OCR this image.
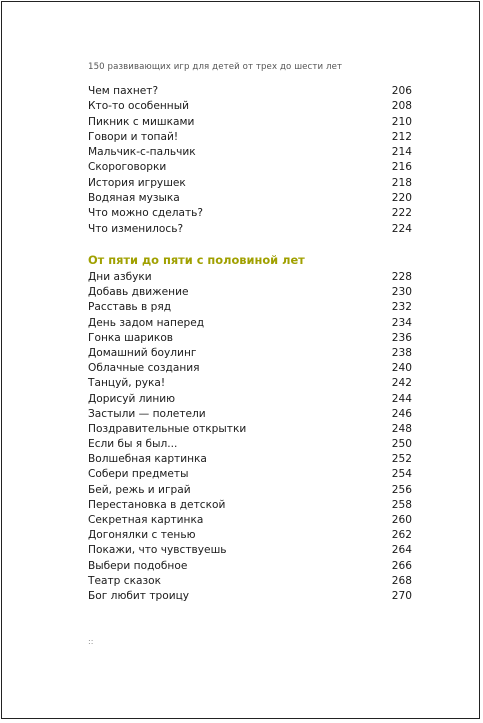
150 развивающих игр для детей от трех до шести лет
Чем пахнет?	206
Кто-то особенный	208
Пикник с мишками	210
Говори и топай!	212
Мальчик-с-пальчик	214
Скороговорки	216
История игрушек	218
Водяная музыка	220
Что можно сделать?	222
Что изменилось?	224
От пяти до пяти с половиной лет
Дни азбуки	228
Добавь движение	230
Расставь в ряд	232
День задом наперед	234
Гонка шариков	236
Домашний боулинг	238
Облачные создания	240
Танцуй, рука!	242
Дорисуй линию	244
Застыли — полетели	246
Поздравительные открытки	248
Если бы я был...	250
Волшебная картинка	252
Собери предметы	254
Бей, режь и играй	256
Перестановка в детской	258
Секретная картинка	260
Догонялки с тенью	262
Покажи, что чувствуешь	264
Выбери подобное	266
Театр сказок	268
Бог любит троицу	270
::
